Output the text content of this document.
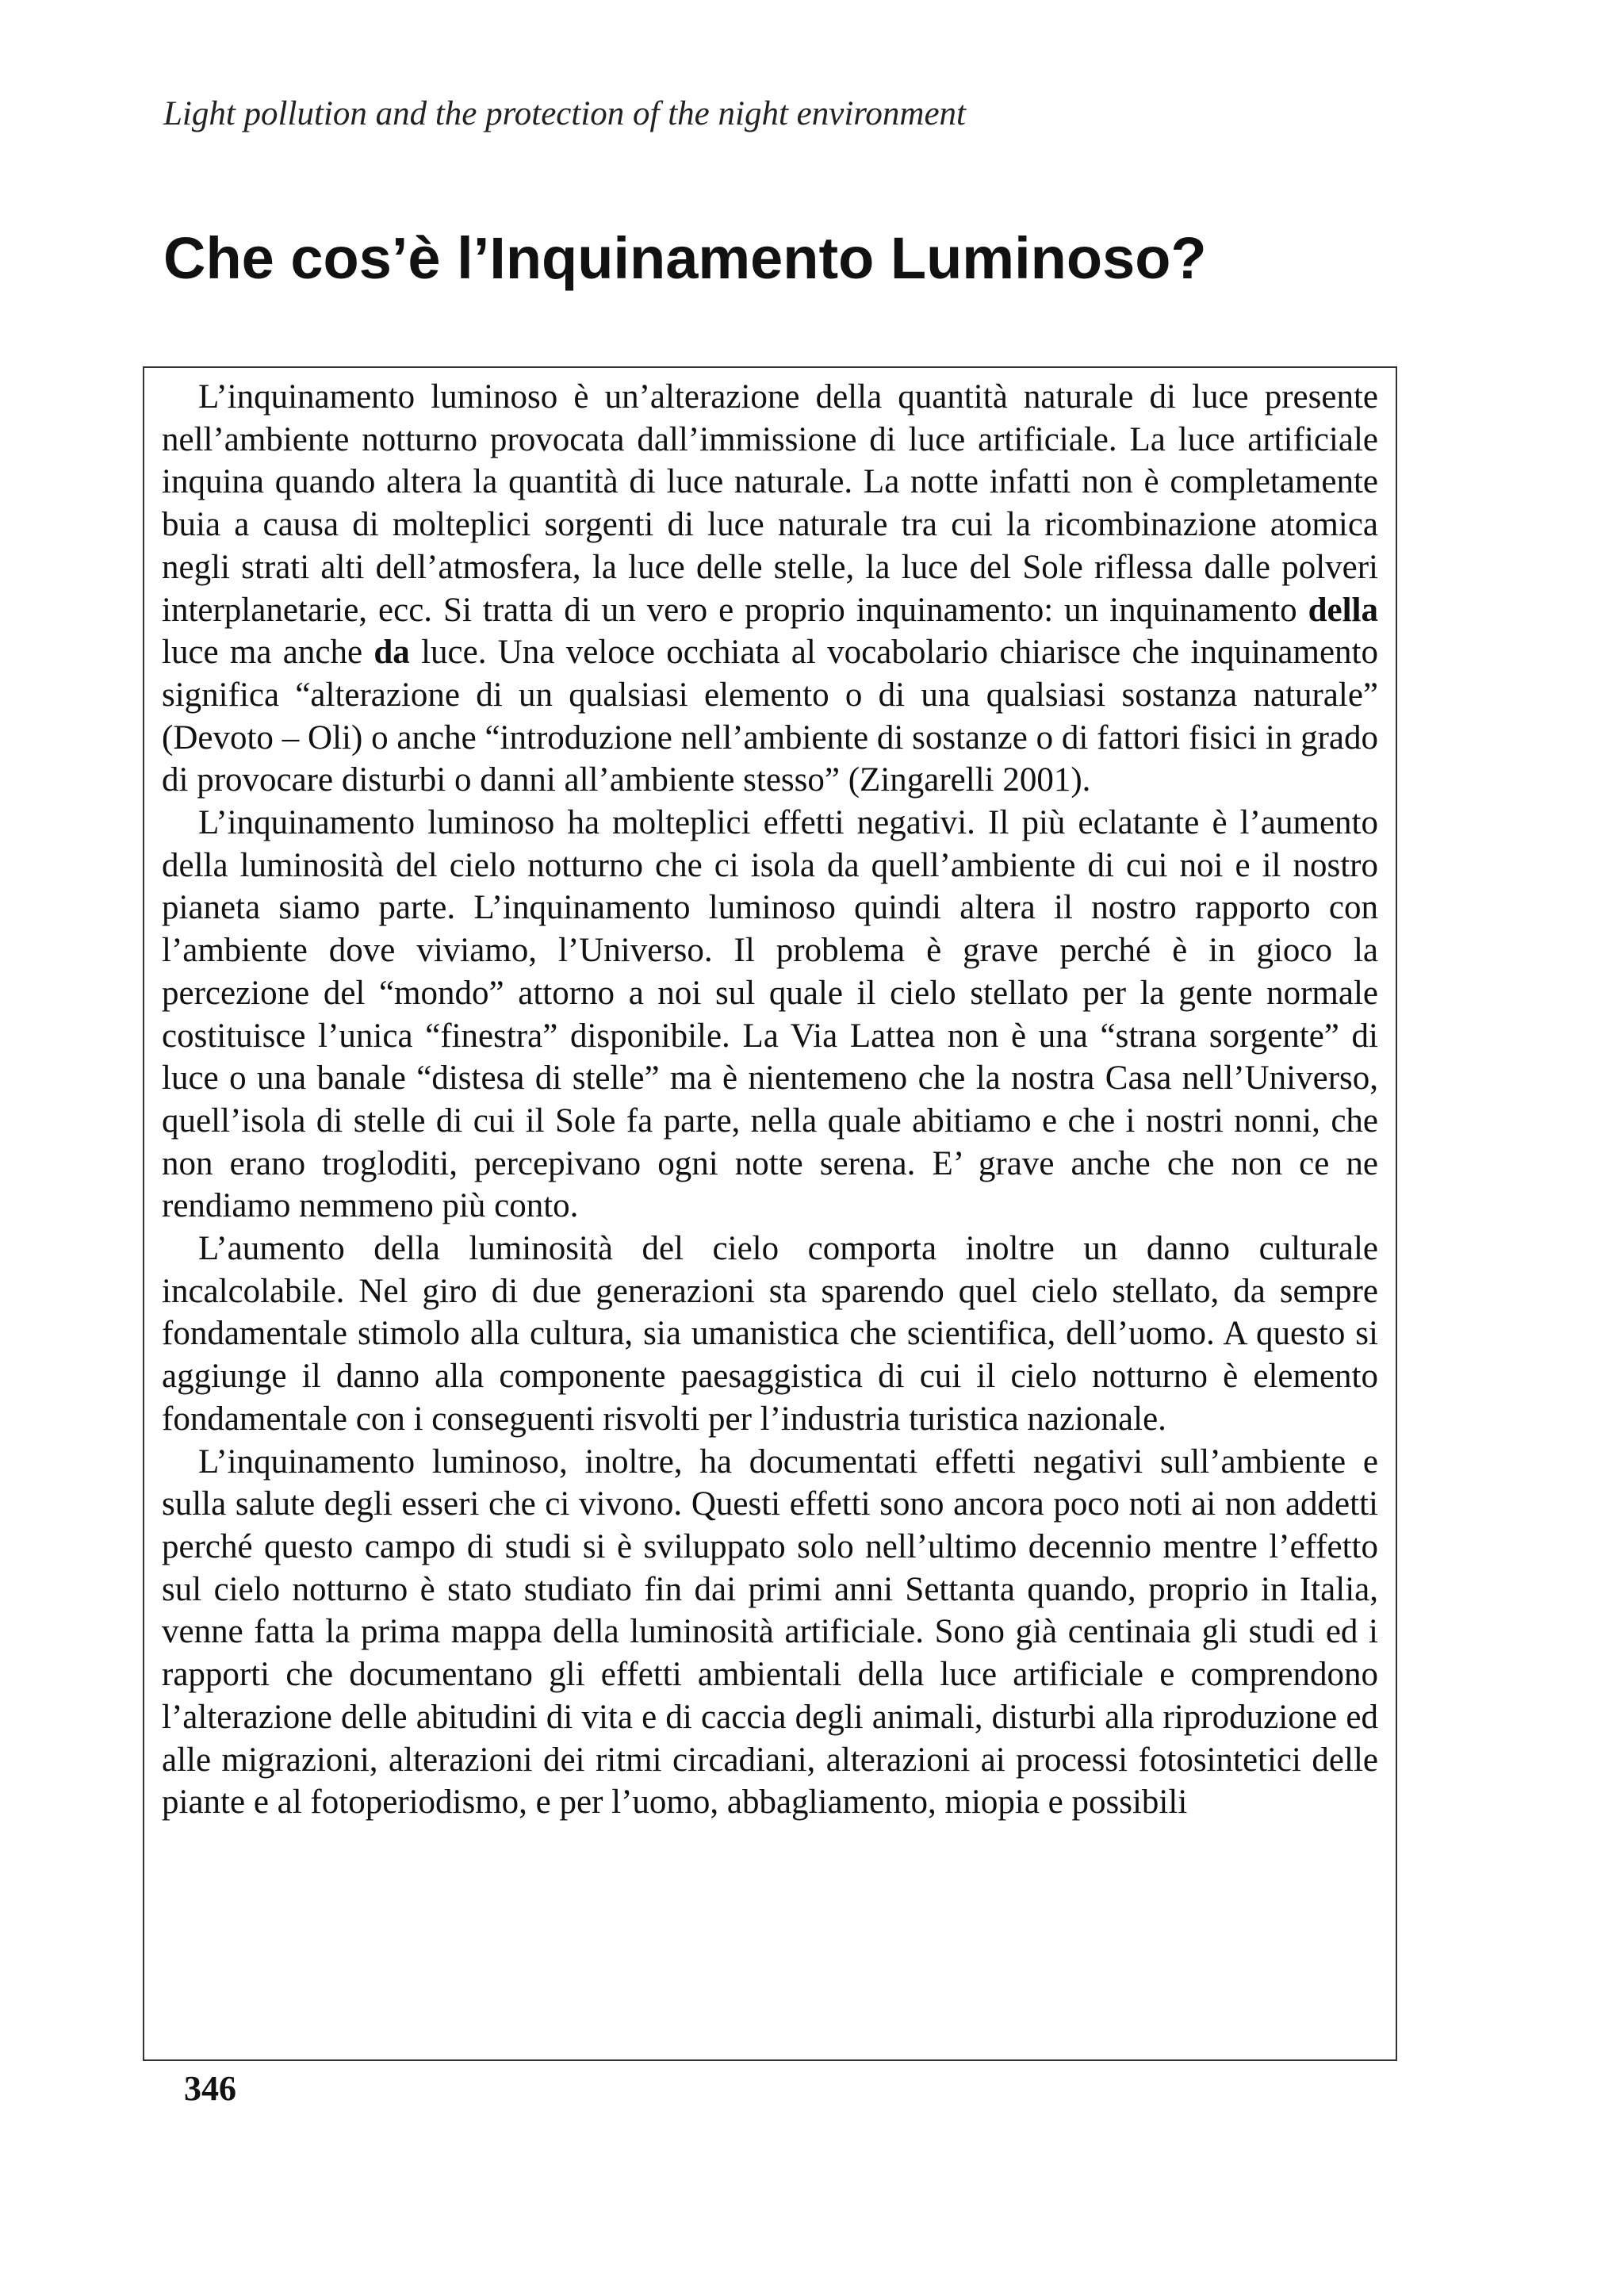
Light pollution and the protection of the night environment
Che cos’è l’Inquinamento Luminoso?

L’inquinamento luminoso è un’alterazione della quantità naturale di luce presente nell’ambiente notturno provocata dall’immissione di luce artificiale. La luce artificiale inquina quando altera la quantità di luce naturale. La notte infatti non è completamente buia a causa di molteplici sorgenti di luce naturale tra cui la ricombinazione atomica negli strati alti dell’atmosfera, la luce delle stelle, la luce del Sole riflessa dalle polveri interplanetarie, ecc. Si tratta di un vero e proprio inquinamento: un inquinamento della luce ma anche da luce. Una veloce occhiata al vocabolario chiarisce che inquinamento significa “alterazione di un qualsiasi elemento o di una qualsiasi sostanza naturale” (Devoto – Oli) o anche “introduzione nell’ambiente di sostanze o di fattori fisici in grado di provocare disturbi o danni all’ambiente stesso” (Zingarelli 2001).

L’inquinamento luminoso ha molteplici effetti negativi. Il più eclatante è l’aumento della luminosità del cielo notturno che ci isola da quell’ambiente di cui noi e il nostro pianeta siamo parte. L’inquinamento luminoso quindi altera il nostro rapporto con l’ambiente dove viviamo, l’Universo. Il problema è grave perché è in gioco la percezione del “mondo” attorno a noi sul quale il cielo stellato per la gente normale costituisce l’unica “finestra” disponibile. La Via Lattea non è una “strana sorgente” di luce o una banale “distesa di stelle” ma è nientemeno che la nostra Casa nell’Universo, quell’isola di stelle di cui il Sole fa parte, nella quale abitiamo e che i nostri nonni, che non erano trogloditi, percepivano ogni notte serena. E’ grave anche che non ce ne rendiamo nemmeno più conto.

L’aumento della luminosità del cielo comporta inoltre un danno culturale incalcolabile. Nel giro di due generazioni sta sparendo quel cielo stellato, da sempre fondamentale stimolo alla cultura, sia umanistica che scientifica, dell’uomo. A questo si aggiunge il danno alla componente paesaggistica di cui il cielo notturno è elemento fondamentale con i conseguenti risvolti per l’industria turistica nazionale.

L’inquinamento luminoso, inoltre, ha documentati effetti negativi sull’ambiente e sulla salute degli esseri che ci vivono. Questi effetti sono ancora poco noti ai non addetti perché questo campo di studi si è sviluppato solo nell’ultimo decennio mentre l’effetto sul cielo notturno è stato studiato fin dai primi anni Settanta quando, proprio in Italia, venne fatta la prima mappa della luminosità artificiale. Sono già centinaia gli studi ed i rapporti che documentano gli effetti ambientali della luce artificiale e comprendono l’alterazione delle abitudini di vita e di caccia degli animali, disturbi alla riproduzione ed alle migrazioni, alterazioni dei ritmi circadiani, alterazioni ai processi fotosintetici delle piante e al fotoperiodismo, e per l’uomo, abbagliamento, miopia e possibili

346
